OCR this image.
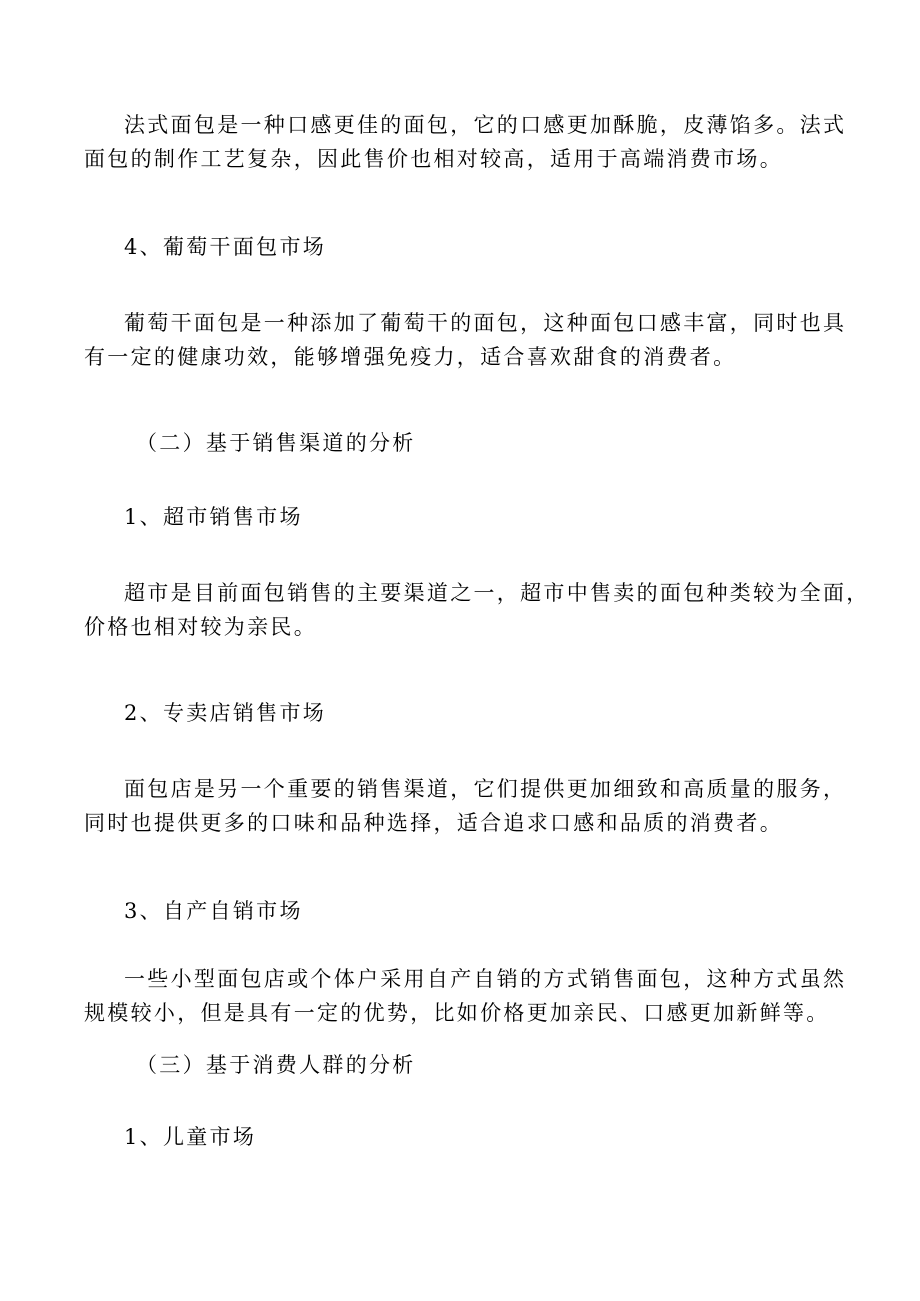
法式面包是一种口感更佳的面包，它的口感更加酥脆，皮薄馅多。法式
面包的制作工艺复杂，因此售价也相对较高，适用于高端消费市场。

4、葡萄干面包市场

葡萄干面包是一种添加了葡萄干的面包，这种面包口感丰富，同时也具
有一定的健康功效，能够增强免疫力，适合喜欢甜食的消费者。

（二）基于销售渠道的分析

1、超市销售市场

超市是目前面包销售的主要渠道之一，超市中售卖的面包种类较为全面，
价格也相对较为亲民。

2、专卖店销售市场

面包店是另一个重要的销售渠道，它们提供更加细致和高质量的服务，
同时也提供更多的口味和品种选择，适合追求口感和品质的消费者。

3、自产自销市场

一些小型面包店或个体户采用自产自销的方式销售面包，这种方式虽然
规模较小，但是具有一定的优势，比如价格更加亲民、口感更加新鲜等。

（三）基于消费人群的分析

1、儿童市场
